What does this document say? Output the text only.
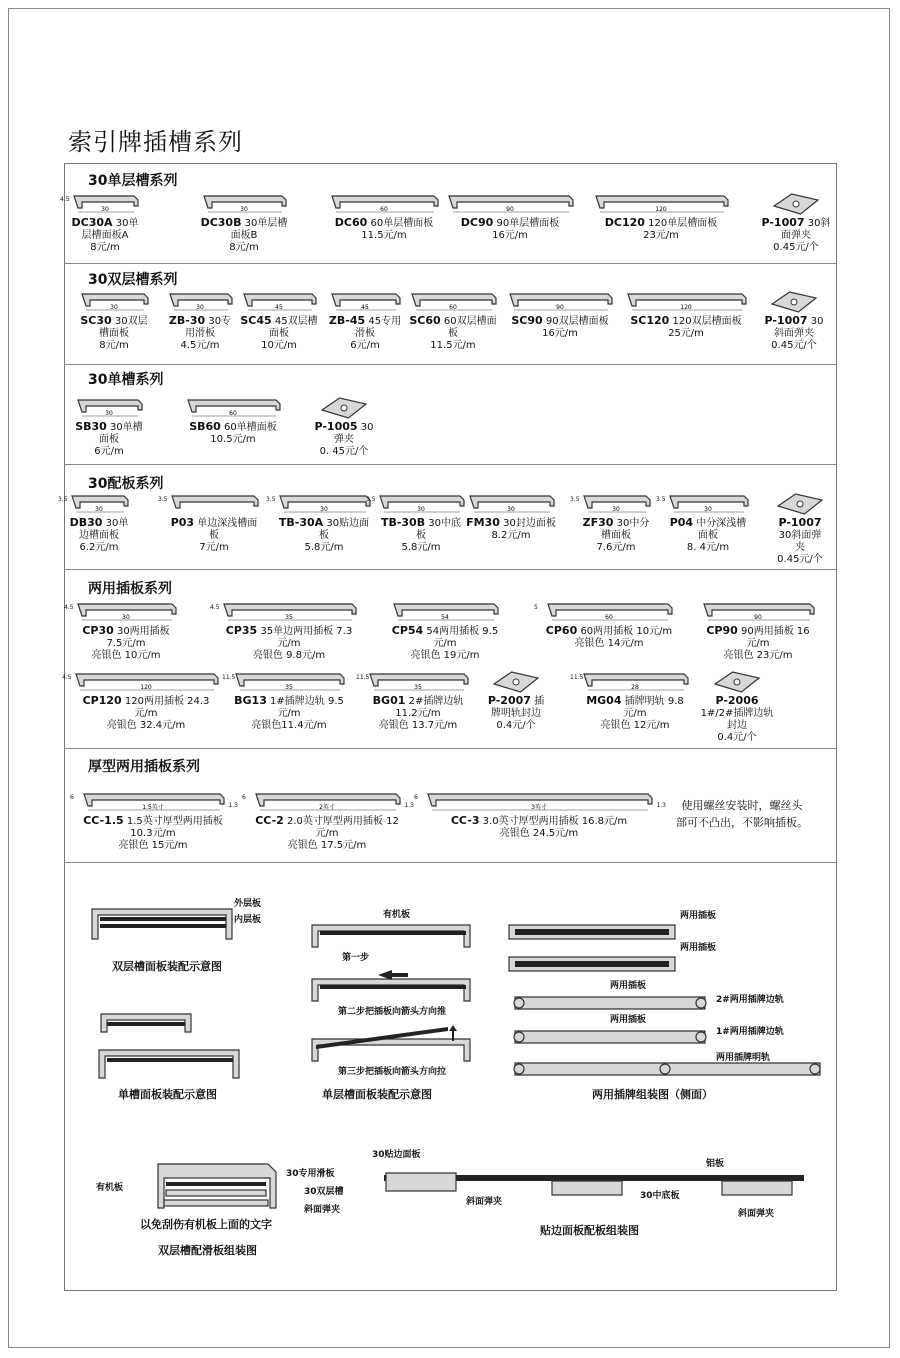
索引牌插槽系列
30单层槽系列
30
DC30A 30单层槽面板A
8元/m
4.5
30
DC30B 30单层槽面板B
8元/m
60
DC60 60单层槽面板
11.5元/m
90
DC90 90单层槽面板
16元/m
120
DC120 120单层槽面板
23元/m
P-1007 30斜面弹夹
0.45元/个
30双层槽系列
30
SC30 30双层槽面板
8元/m
30
ZB-30 30专用滑板
4.5元/m
45
SC45 45双层槽面板
10元/m
45
ZB-45 45专用滑板
6元/m
60
SC60 60双层槽面板
11.5元/m
90
SC90 90双层槽面板
16元/m
120
SC120 120双层槽面板
25元/m
P-1007 30斜面弹夹
0.45元/个
30单槽系列
30
SB30 30单槽面板
6元/m
60
SB60 60单槽面板
10.5元/m
P-1005 30弹夹
0. 45元/个
30配板系列
30
DB30 30单边槽面板
6.2元/m
3.5
P03 单边深浅槽面板
7元/m
3.5
30
TB-30A 30贴边面板
5.8元/m
3.5
30
TB-30B 30中底板
5.8元/m
3.5
30
FM30 30封边面板
8.2元/m
30
ZF30 30中分槽面板
7.6元/m
3.5
30
P04 中分深浅槽面板
8. 4元/m
3.5
P-1007 30斜面弹夹
0.45元/个
两用插板系列
30
CP30 30两用插板 7.5元/m
亮银色 10元/m
4.5
35
CP35 35单边两用插板 7.3元/m
亮银色 9.8元/m
4.5
54
CP54 54两用插板 9.5元/m
亮银色 19元/m
60
CP60 60两用插板 10元/m
亮银色 14元/m
5
90
CP90 90两用插板 16元/m
亮银色 23元/m
120
CP120 120两用插板 24.3元/m
亮银色 32.4元/m
4.5
35
BG13 1#插牌边轨 9.5元/m
亮银色11.4元/m
11.5
35
BG01 2#插牌边轨11.2元/m
亮银色 13.7元/m
11.5
P-2007 插牌明轨封边
0.4元/个
28
MG04 插牌明轨 9.8元/m
亮银色 12元/m
11.5
P-2006 1#/2#插牌边轨封边
0.4元/个
厚型两用插板系列
1.5英寸
CC-1.5 1.5英寸厚型两用插板 10.3元/m
亮银色 15元/m
6
1.3	2英寸
CC-2 2.0英寸厚型两用插板 12元/m
亮银色 17.5元/m
6
1.3	3英寸
CC-3 3.0英寸厚型两用插板 16.8元/m
亮银色 24.5元/m
6
1.3	使用螺丝安装时，螺丝头
部可不凸出，不影响插板。
外层板
内层板
双层槽面板装配示意图
单槽面板装配示意图
有机板
第一步
第二步把插板向箭头方向推
第三步把插板向箭头方向拉
单层槽面板装配示意图
两用插板
两用插板
两用插板
2#两用插牌边轨
两用插板
1#两用插牌边轨
两用插牌明轨
两用插牌组装图（侧面）
有机板
30专用滑板
30双层槽
斜面弹夹
以免刮伤有机板上面的文字
双层槽配滑板组装图
30贴边面板
铝板
斜面弹夹
30中底板
斜面弹夹
贴边面板配板组装图
